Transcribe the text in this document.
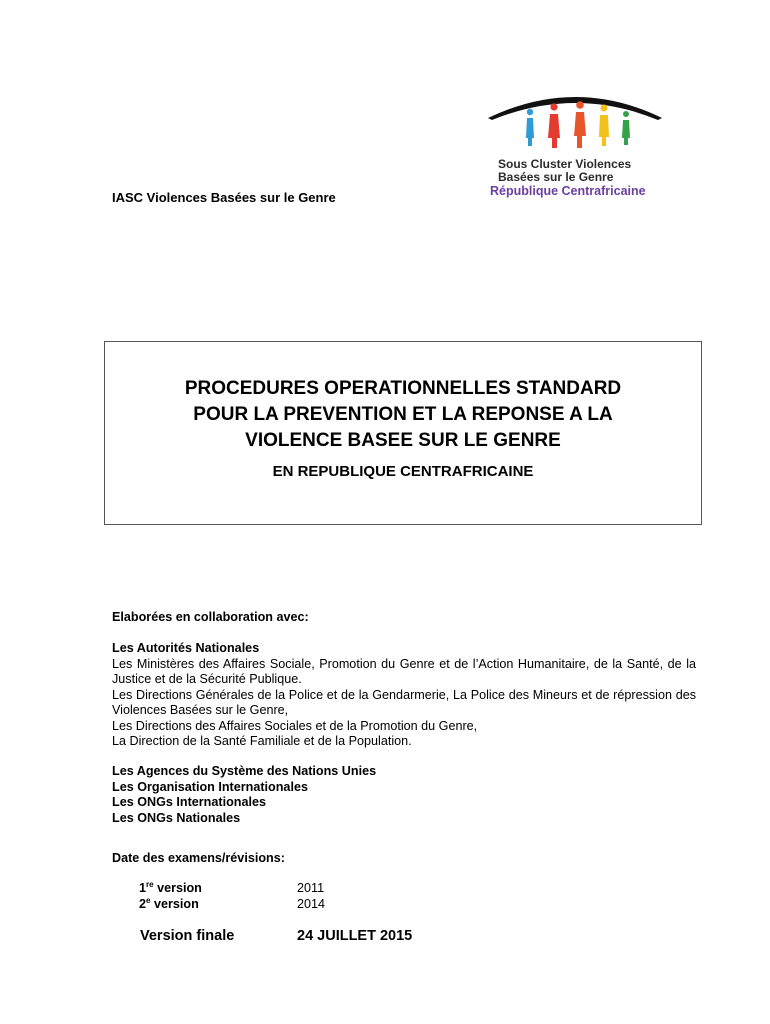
IASC Violences Basées sur le Genre
Sous Cluster Violences
Basées sur le Genre
République Centrafricaine
PROCEDURES OPERATIONNELLES STANDARD
POUR LA PREVENTION ET LA REPONSE A LA
VIOLENCE BASEE SUR LE GENRE
EN REPUBLIQUE CENTRAFRICAINE
Elaborées en collaboration avec:
Les Autorités Nationales
Les Ministères des Affaires Sociale, Promotion du Genre et de l’Action Humanitaire, de la Santé, de la Justice et de la Sécurité Publique.
Les Directions Générales de la Police et de la Gendarmerie, La Police des Mineurs et de répression des Violences Basées sur le Genre,
Les Directions des Affaires Sociales et de la Promotion du Genre,
La Direction de la Santé Familiale et de la Population.
Les Agences du Système des Nations Unies
Les Organisation Internationales
Les ONGs Internationales
Les ONGs Nationales
Date des examens/révisions:
1re version	2011
2e version	2014
Version finale	24 JUILLET 2015
